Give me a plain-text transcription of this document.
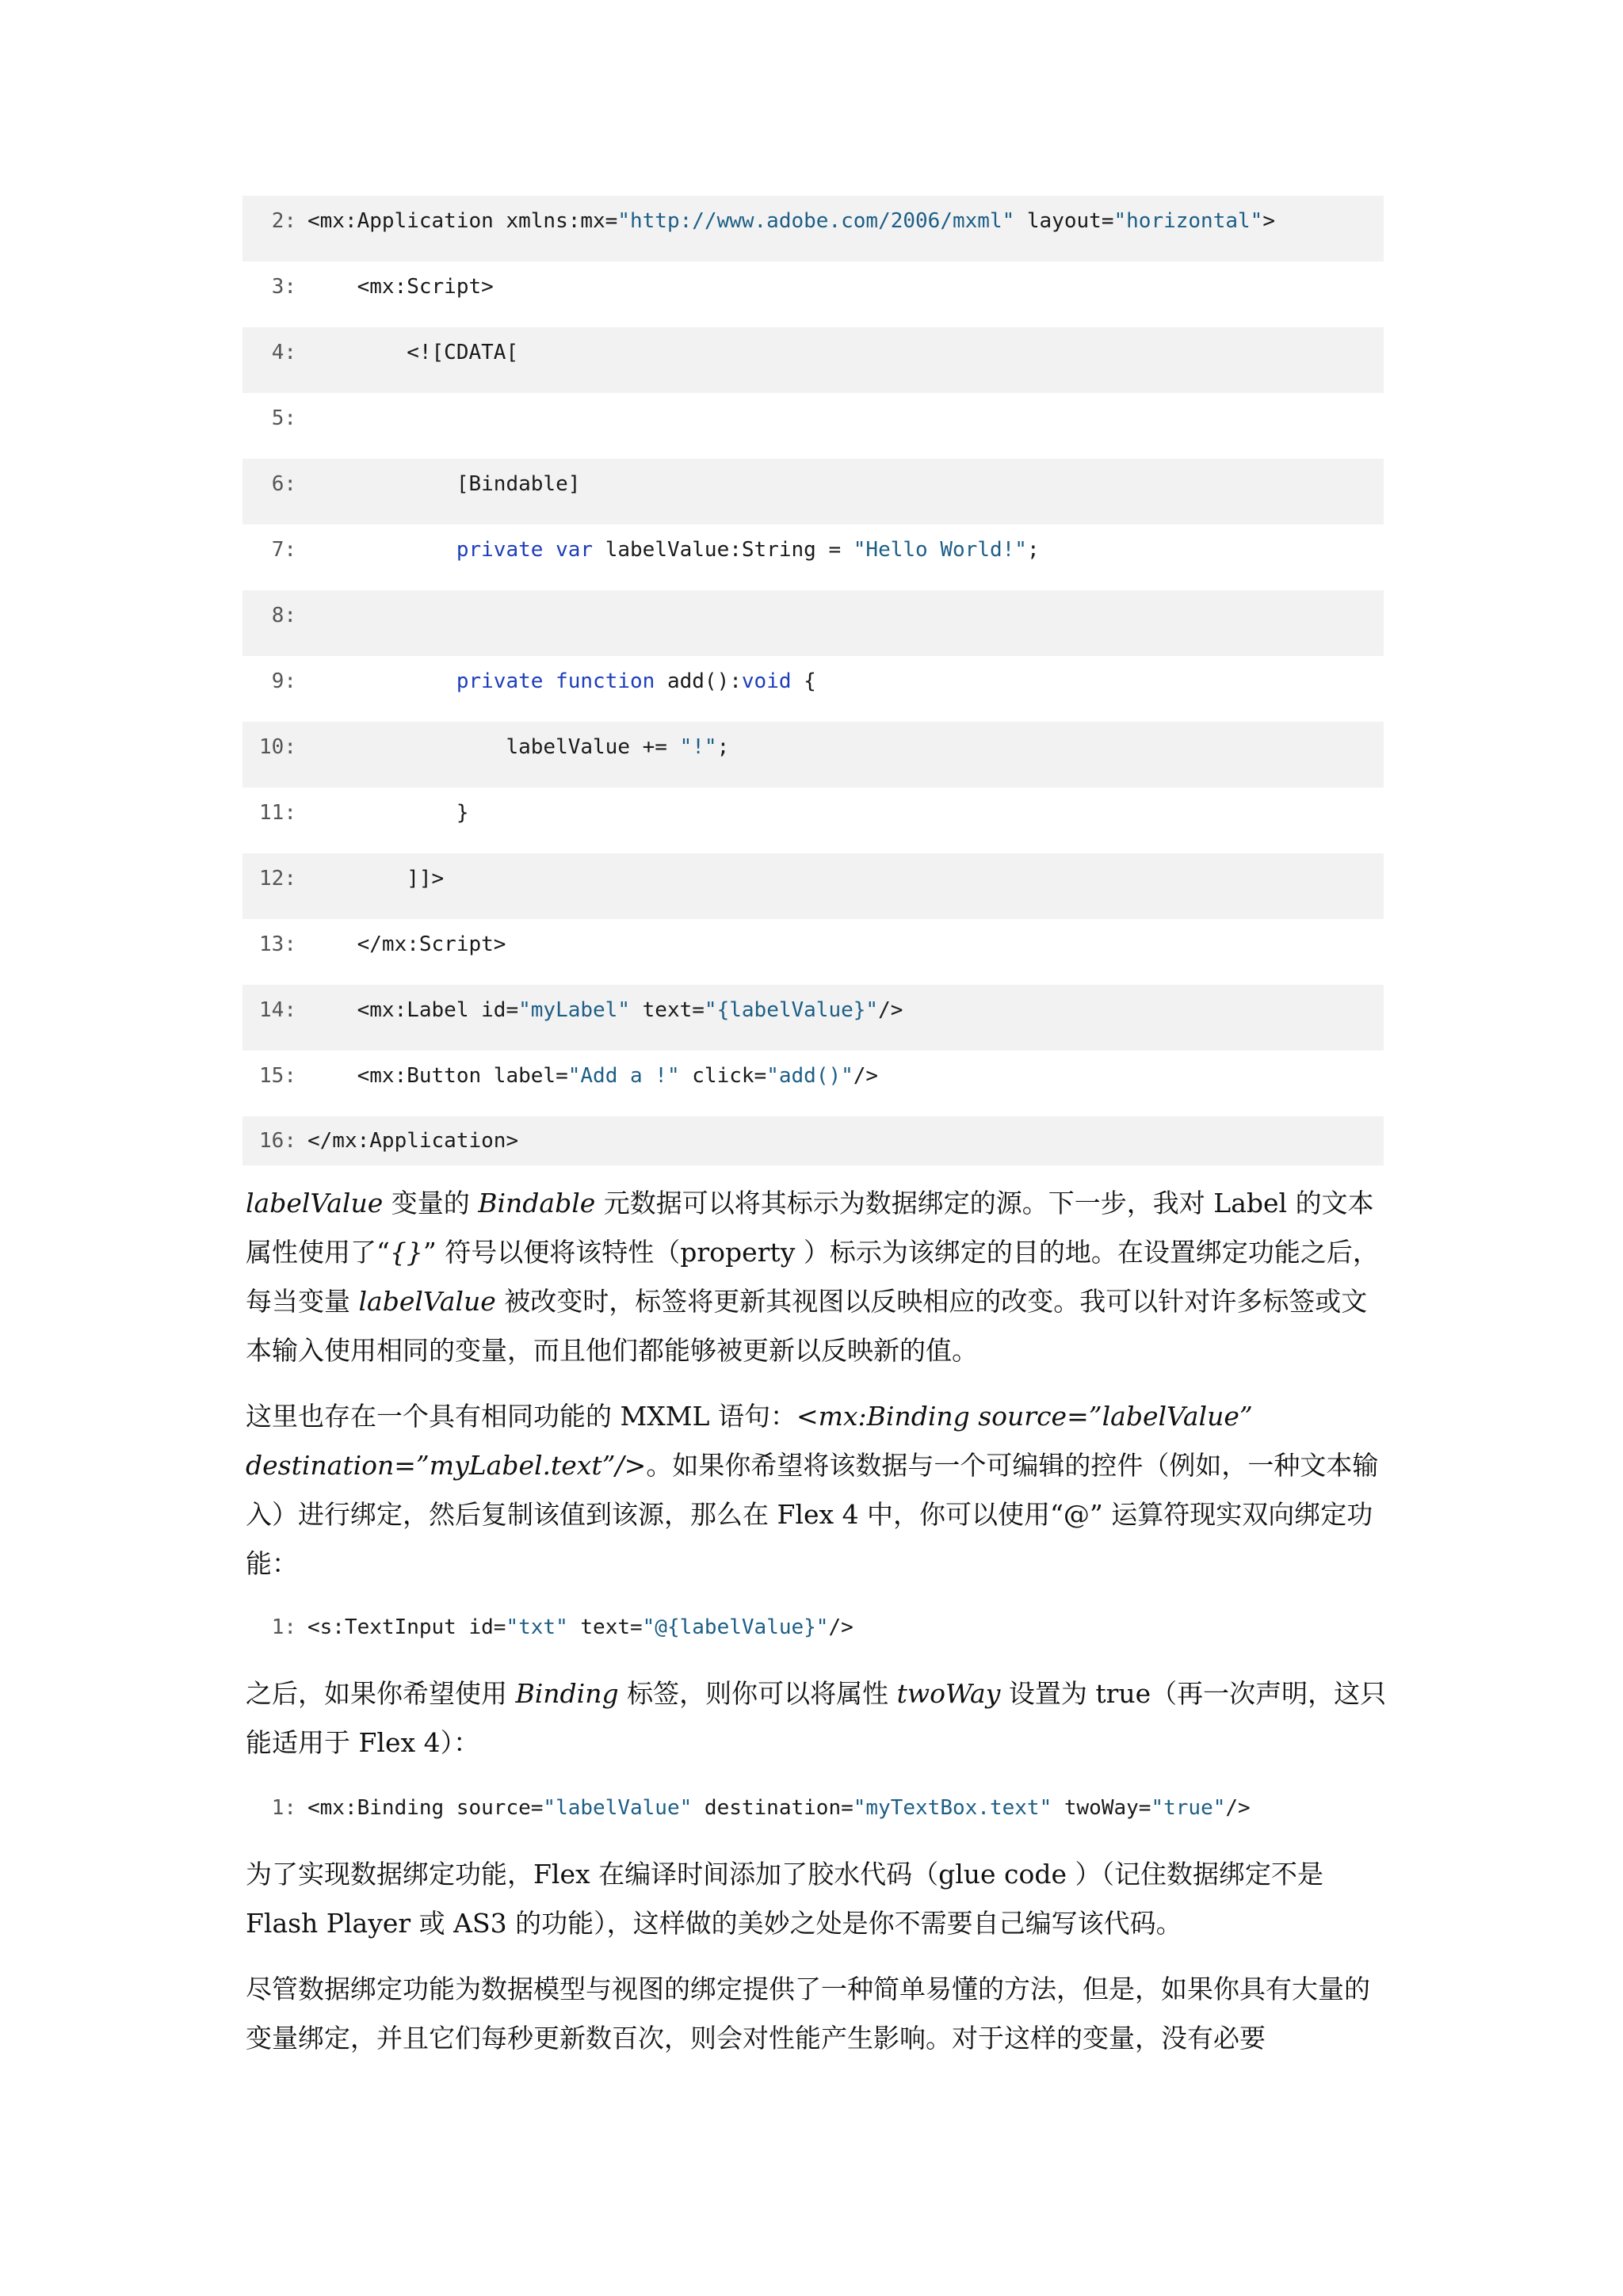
2: <mx:Application xmlns:mx="http://www.adobe.com/2006/mxml" layout="horizontal">
3: <mx:Script>
4: <![CDATA[
5:
6: [Bindable]
7:	private var labelValue:String = "Hello World!";
8:
9:	private function add():void {
10: labelValue += "!";
11: }
12: ]]>
13: </mx:Script>
14: <mx:Label id="myLabel" text="{labelValue}"/>
15: <mx:Button label="Add a !" click="add()"/>
16: </mx:Application>

labelValue 变量的 Bindable 元数据可以将其标示为数据绑定的源。下一步，我对 Label 的文本属性使用了“{}” 符号以便将该特性（property ）标示为该绑定的目的地。在设置绑定功能之后，每当变量 labelValue 被改变时，标签将更新其视图以反映相应的改变。我可以针对许多标签或文本输入使用相同的变量，而且他们都能够被更新以反映新的值。

这里也存在一个具有相同功能的 MXML 语句：<mx:Binding source=”labelValue” destination=”myLabel.text”/>。如果你希望将该数据与一个可编辑的控件（例如，一种文本输入）进行绑定，然后复制该值到该源，那么在 Flex 4 中，你可以使用“@” 运算符现实双向绑定功能：

1: <s:TextInput id="txt" text="@{labelValue}"/>

之后，如果你希望使用 Binding 标签，则你可以将属性 twoWay 设置为 true（再一次声明，这只能适用于 Flex 4）：

1: <mx:Binding source="labelValue" destination="myTextBox.text" twoWay="true"/>

为了实现数据绑定功能，Flex 在编译时间添加了胶水代码（glue code ）（记住数据绑定不是 Flash Player 或 AS3 的功能），这样做的美妙之处是你不需要自己编写该代码。

尽管数据绑定功能为数据模型与视图的绑定提供了一种简单易懂的方法，但是，如果你具有大量的变量绑定，并且它们每秒更新数百次，则会对性能产生影响。对于这样的变量，没有必要
